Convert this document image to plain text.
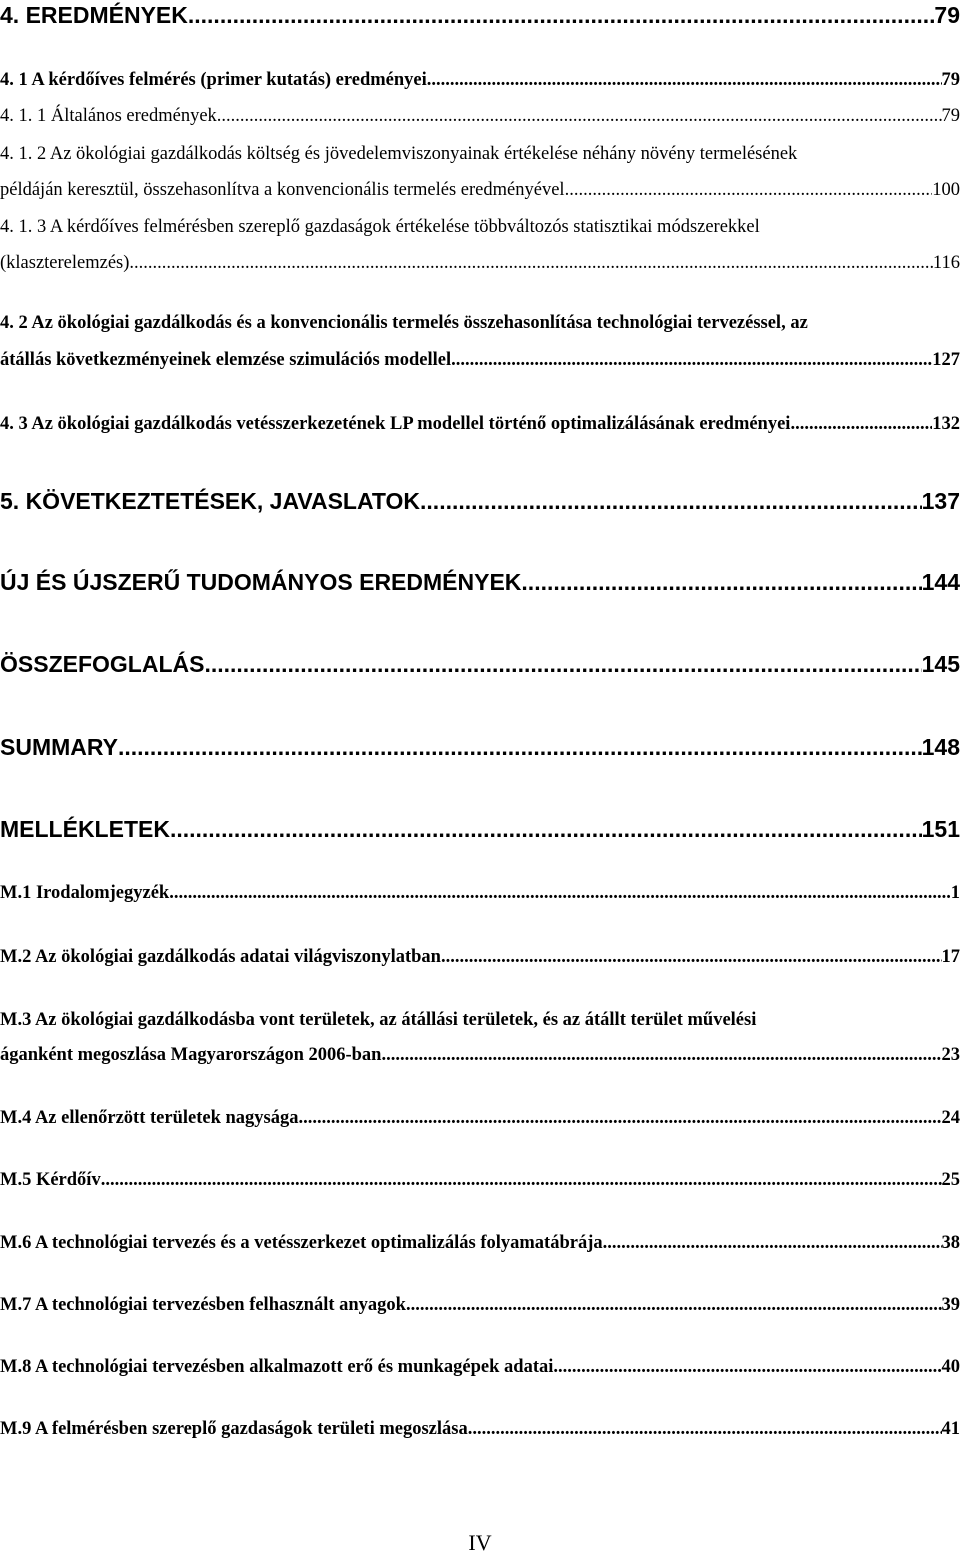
4. EREDMÉNYEK .....	79
4. 1 A kérdőíves felmérés (primer kutatás) eredményei .....	79
4. 1. 1 Általános eredmények .....	79
4. 1. 2 Az ökológiai gazdálkodás költség és jövedelemviszonyainak értékelése néhány növény termelésének
példáján keresztül, összehasonlítva a konvencionális termelés eredményével .....	100
4. 1. 3 A kérdőíves felmérésben szereplő gazdaságok értékelése többváltozós statisztikai módszerekkel
(klaszterelemzés) .....	116
4. 2 Az ökológiai gazdálkodás és a konvencionális termelés összehasonlítása technológiai tervezéssel, az
átállás következményeinek elemzése szimulációs modellel .....	127
4. 3 Az ökológiai gazdálkodás vetésszerkezetének LP modellel történő optimalizálásának eredményei .....	132
5. KÖVETKEZTETÉSEK, JAVASLATOK .....	137
ÚJ ÉS ÚJSZERŰ TUDOMÁNYOS EREDMÉNYEK .....	144
ÖSSZEFOGLALÁS .....	145
SUMMARY .....	148
MELLÉKLETEK .....	151
M.1 Irodalomjegyzék .....	1
M.2 Az ökológiai gazdálkodás adatai világviszonylatban .....	17
M.3 Az ökológiai gazdálkodásba vont területek, az átállási területek, és az átállt terület művelési
áganként megoszlása Magyarországon 2006-ban .....	23
M.4 Az ellenőrzött területek nagysága .....	24
M.5 Kérdőív .....	25
M.6 A technológiai tervezés és a vetésszerkezet optimalizálás folyamatábrája .....	38
M.7 A technológiai tervezésben felhasznált anyagok .....	39
M.8 A technológiai tervezésben alkalmazott erő és munkagépek adatai .....	40
M.9 A felmérésben szereplő gazdaságok területi megoszlása .....	41
IV
